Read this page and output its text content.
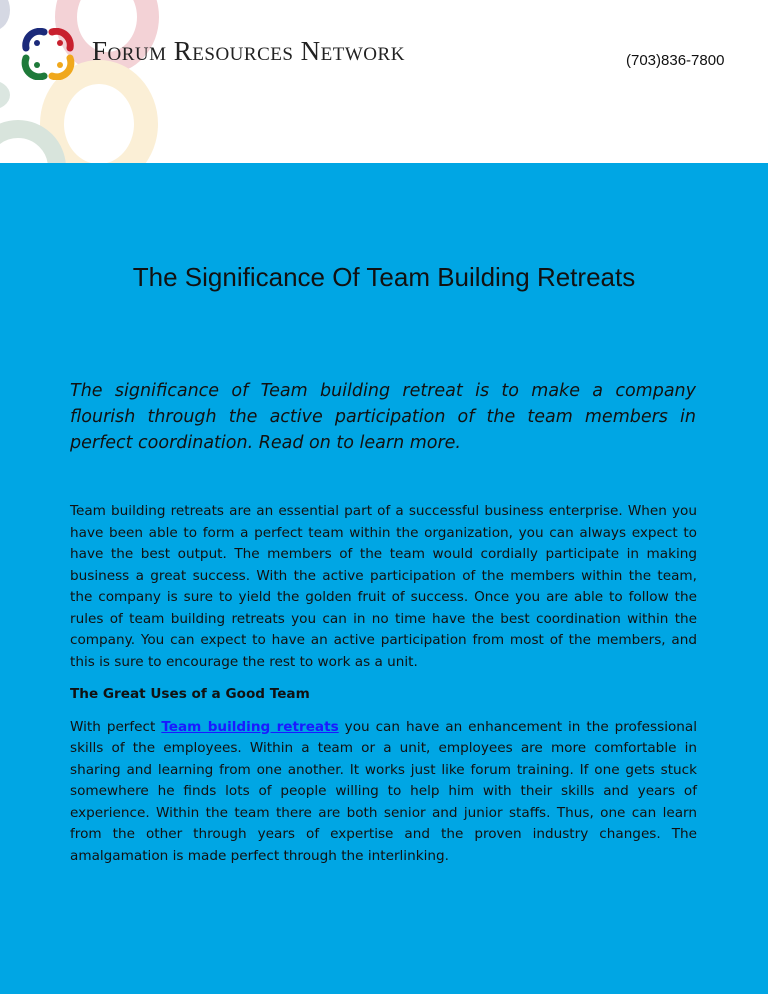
Forum Resources Network	(703)836-7800
The Significance Of Team Building Retreats
The significance of Team building retreat is to make a company flourish through the active participation of the team members in perfect coordination. Read on to learn more.

Team building retreats are an essential part of a successful business enterprise. When you have been able to form a perfect team within the organization, you can always expect to have the best output. The members of the team would cordially participate in making business a great success. With the active participation of the members within the team, the company is sure to yield the golden fruit of success. Once you are able to follow the rules of team building retreats you can in no time have the best coordination within the company. You can expect to have an active participation from most of the members, and this is sure to encourage the rest to work as a unit.

The Great Uses of a Good Team

With perfect Team building retreats you can have an enhancement in the professional skills of the employees. Within a team or a unit, employees are more comfortable in sharing and learning from one another. It works just like forum training. If one gets stuck somewhere he finds lots of people willing to help him with their skills and years of experience. Within the team there are both senior and junior staffs. Thus, one can learn from the other through years of expertise and the proven industry changes. The amalgamation is made perfect through the interlinking.
